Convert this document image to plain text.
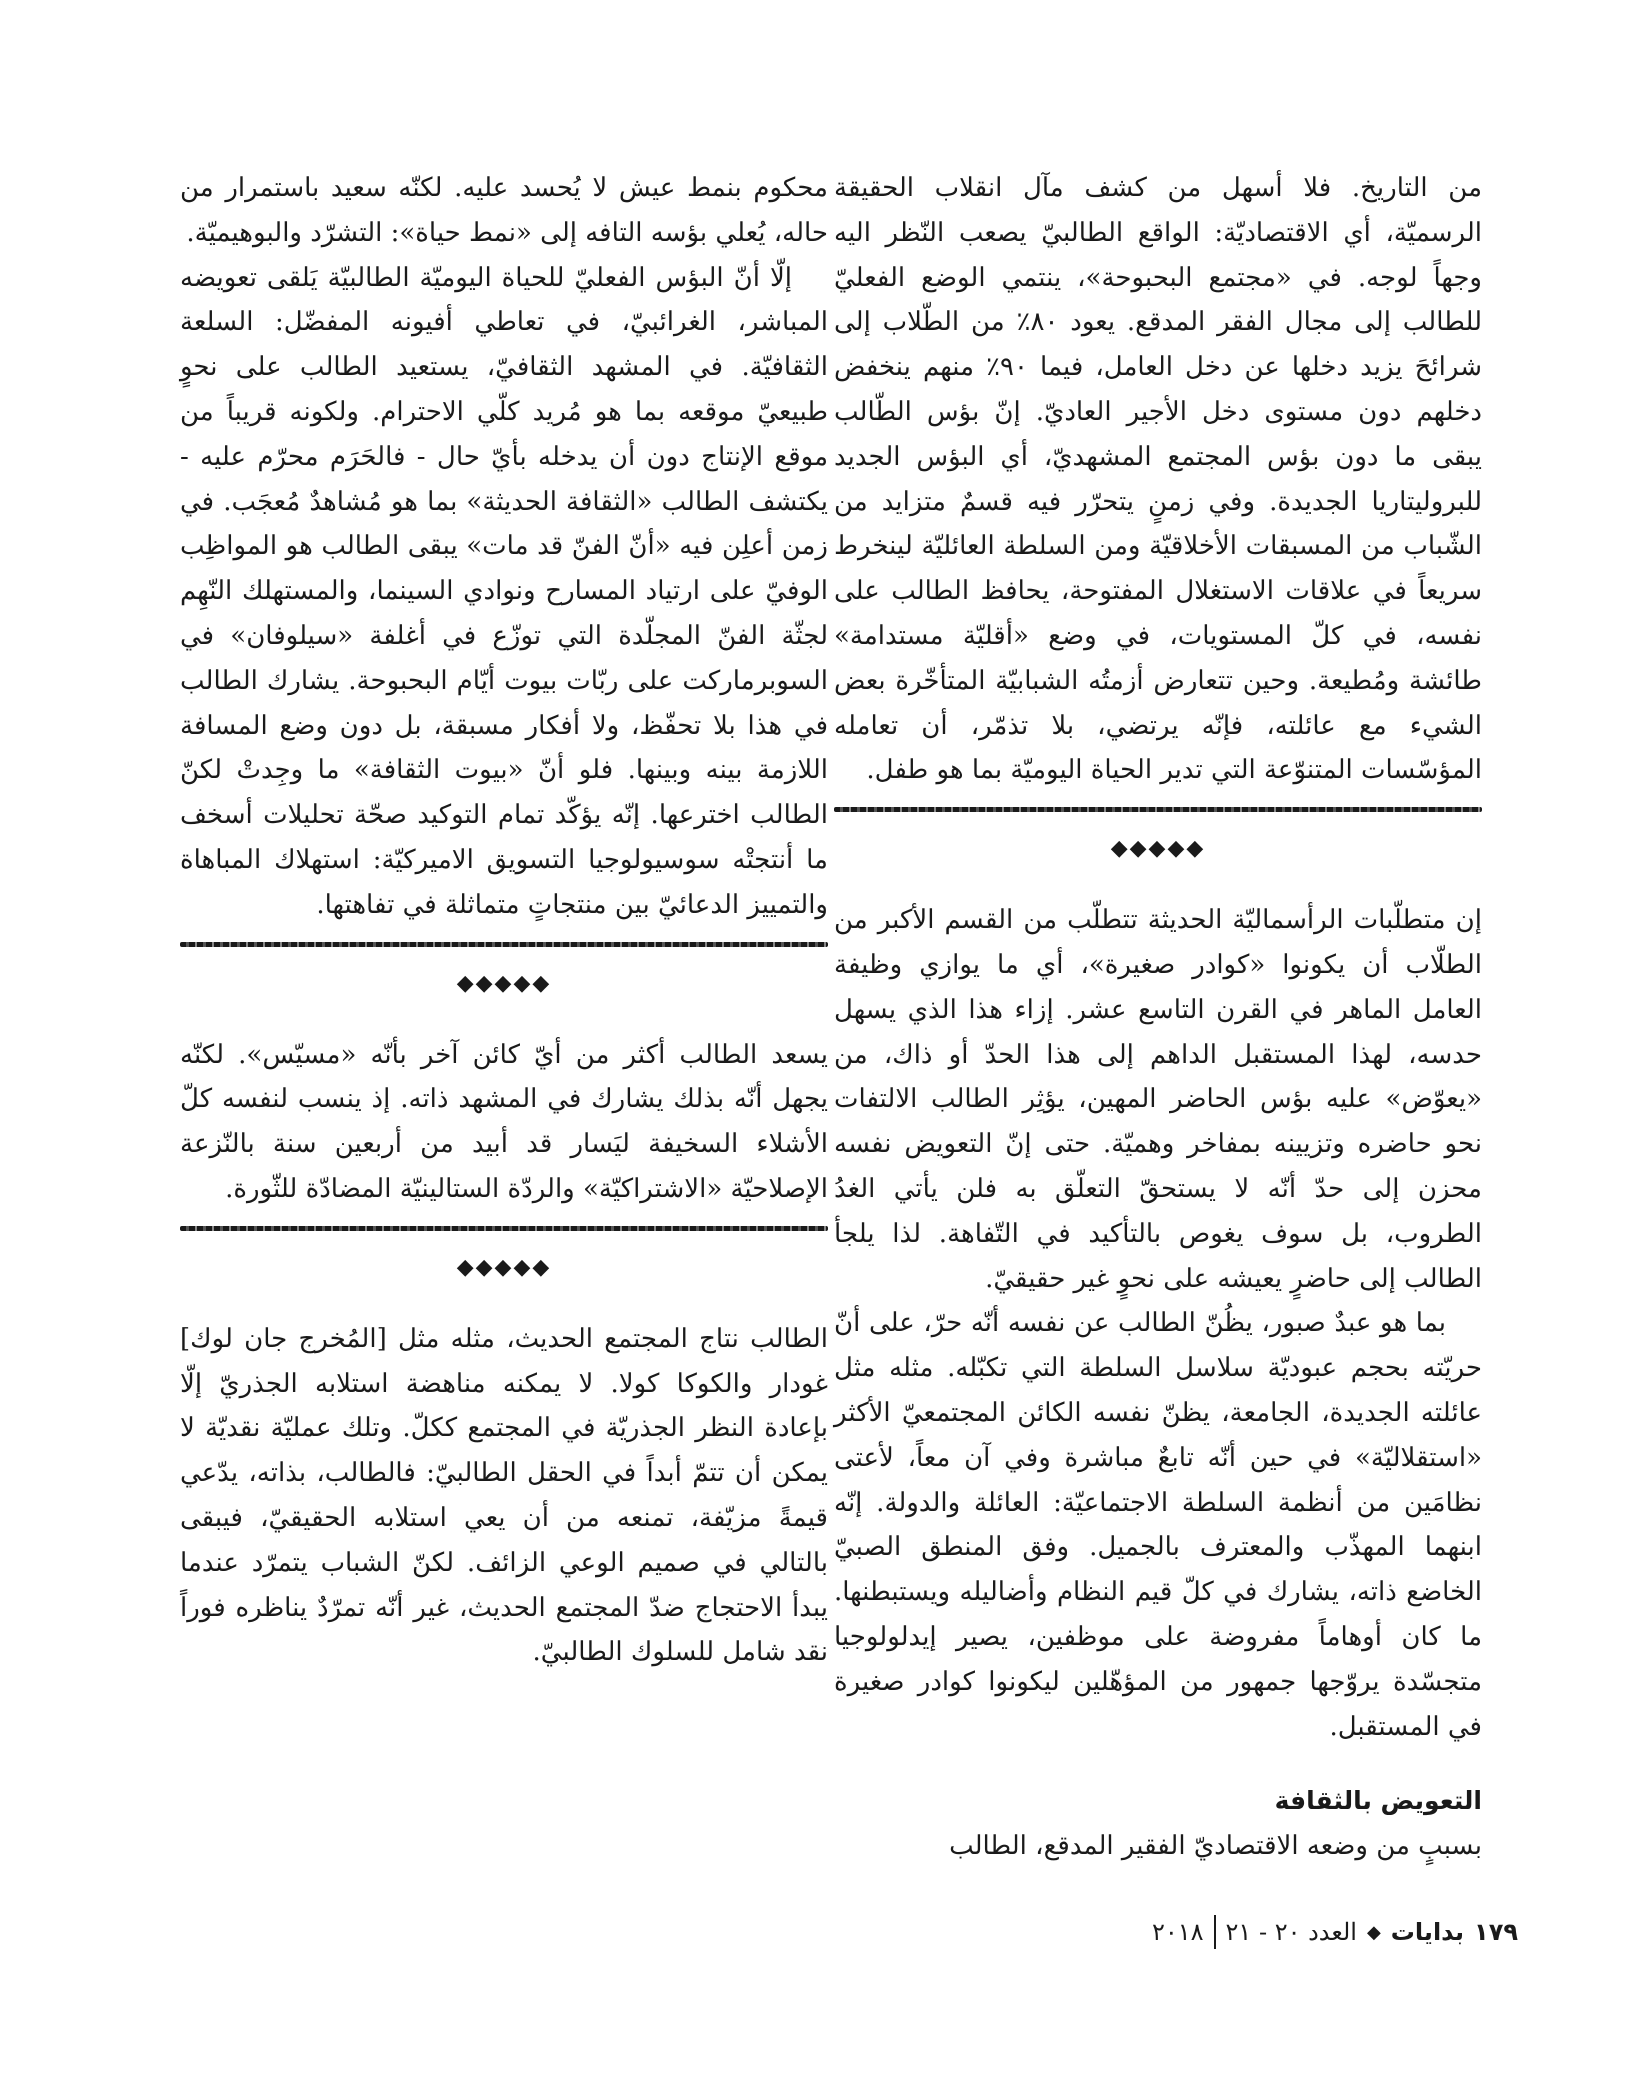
من التاريخ. فلا أسهل من كشف مآل انقلاب الحقيقة الرسميّة، أي الاقتصاديّة: الواقع الطالبيّ يصعب النّظر اليه وجهاً لوجه. في «مجتمع البحبوحة»، ينتمي الوضع الفعليّ للطالب إلى مجال الفقر المدقع. يعود ٨٠٪ من الطّلاب إلى شرائحَ يزيد دخلها عن دخل العامل، فيما ٩٠٪ منهم ينخفض دخلهم دون مستوى دخل الأجير العاديّ. إنّ بؤس الطّالب يبقى ما دون بؤس المجتمع المشهديّ، أي البؤس الجديد للبروليتاريا الجديدة. وفي زمنٍ يتحرّر فيه قسمٌ متزايد من الشّباب من المسبقات الأخلاقيّة ومن السلطة العائليّة لينخرط سريعاً في علاقات الاستغلال المفتوحة، يحافظ الطالب على نفسه، في كلّ المستويات، في وضع «أقليّة مستدامة» طائشة ومُطيعة. وحين تتعارض أزمتُه الشبابيّة المتأخّرة بعض الشيء مع عائلته، فإنّه يرتضي، بلا تذمّر، أن تعامله المؤسّسات المتنوّعة التي تدير الحياة اليوميّة بما هو طفل.

◆◆◆◆◆

إن متطلّبات الرأسماليّة الحديثة تتطلّب من القسم الأكبر من الطلّاب أن يكونوا «كوادر صغيرة»، أي ما يوازي وظيفة العامل الماهر في القرن التاسع عشر. إزاء هذا الذي يسهل حدسه، لهذا المستقبل الداهم إلى هذا الحدّ أو ذاك، من «يعوّض» عليه بؤس الحاضر المهين، يؤثِر الطالب الالتفات نحو حاضره وتزيينه بمفاخر وهميّة. حتى إنّ التعويض نفسه محزن إلى حدّ أنّه لا يستحقّ التعلّق به فلن يأتي الغدُ الطروب، بل سوف يغوص بالتأكيد في التّفاهة. لذا يلجأ الطالب إلى حاضرٍ يعيشه على نحوٍ غير حقيقيّ.

بما هو عبدٌ صبور، يظُنّ الطالب عن نفسه أنّه حرّ، على أنّ حريّته بحجم عبوديّة سلاسل السلطة التي تكبّله. مثله مثل عائلته الجديدة، الجامعة، يظنّ نفسه الكائن المجتمعيّ الأكثر «استقلاليّة» في حين أنّه تابعٌ مباشرة وفي آن معاً، لأعتى نظامَين من أنظمة السلطة الاجتماعيّة: العائلة والدولة. إنّه ابنهما المهذّب والمعترف بالجميل. وفق المنطق الصبيّ الخاضع ذاته، يشارك في كلّ قيم النظام وأضاليله ويستبطنها. ما كان أوهاماً مفروضة على موظفين، يصير إيدلولوجيا متجسّدة يروّجها جمهور من المؤهّلين ليكونوا كوادر صغيرة في المستقبل.

التعويض بالثقافة

بسببٍ من وضعه الاقتصاديّ الفقير المدقع، الطالب

محكوم بنمط عيش لا يُحسد عليه. لكنّه سعيد باستمرار من حاله، يُعلي بؤسه التافه إلى «نمط حياة»: التشرّد والبوهيميّة.

إلّا أنّ البؤس الفعليّ للحياة اليوميّة الطالبيّة يَلقى تعويضه المباشر، الغرائبيّ، في تعاطي أفيونه المفضّل: السلعة الثقافيّة. في المشهد الثقافيّ، يستعيد الطالب على نحوٍ طبيعيّ موقعه بما هو مُريد كلّي الاحترام. ولكونه قريباً من موقع الإنتاج دون أن يدخله بأيّ حال - فالحَرَم محرّم عليه - يكتشف الطالب «الثقافة الحديثة» بما هو مُشاهدٌ مُعجَب. في زمن أعلِن فيه «أنّ الفنّ قد مات» يبقى الطالب هو المواظِب الوفيّ على ارتياد المسارح ونوادي السينما، والمستهلك النّهِم لجثّة الفنّ المجلّدة التي توزّع في أغلفة «سيلوفان» في السوبرماركت على ربّات بيوت أيّام البحبوحة. يشارك الطالب في هذا بلا تحفّظ، ولا أفكار مسبقة، بل دون وضع المسافة اللازمة بينه وبينها. فلو أنّ «بيوت الثقافة» ما وجِدتْ لكنّ الطالب اخترعها. إنّه يؤكّد تمام التوكيد صحّة تحليلات أسخف ما أنتجتْه سوسيولوجيا التسويق الاميركيّة: استهلاك المباهاة والتمييز الدعائيّ بين منتجاتٍ متماثلة في تفاهتها.

◆◆◆◆◆

يسعد الطالب أكثر من أيّ كائن آخر بأنّه «مسيّس». لكنّه يجهل أنّه بذلك يشارك في المشهد ذاته. إذ ينسب لنفسه كلّ الأشلاء السخيفة ليَسار قد أبيد من أربعين سنة بالنّزعة الإصلاحيّة «الاشتراكيّة» والردّة الستالينيّة المضادّة للثّورة.

◆◆◆◆◆

الطالب نتاج المجتمع الحديث، مثله مثل [المُخرج جان لوك] غودار والكوكا كولا. لا يمكنه مناهضة استلابه الجذريّ إلّا بإعادة النظر الجذريّة في المجتمع ككلّ. وتلك عمليّة نقديّة لا يمكن أن تتمّ أبداً في الحقل الطالبيّ: فالطالب، بذاته، يدّعي قيمةً مزيّفة، تمنعه من أن يعي استلابه الحقيقيّ، فيبقى بالتالي في صميم الوعي الزائف. لكنّ الشباب يتمرّد عندما يبدأ الاحتجاج ضدّ المجتمع الحديث، غير أنّه تمرّدٌ يناظره فوراً نقد شامل للسلوك الطالبيّ.

١٧٩
بدايات
◆
العدد ٢٠ - ٢١
٢٠١٨
